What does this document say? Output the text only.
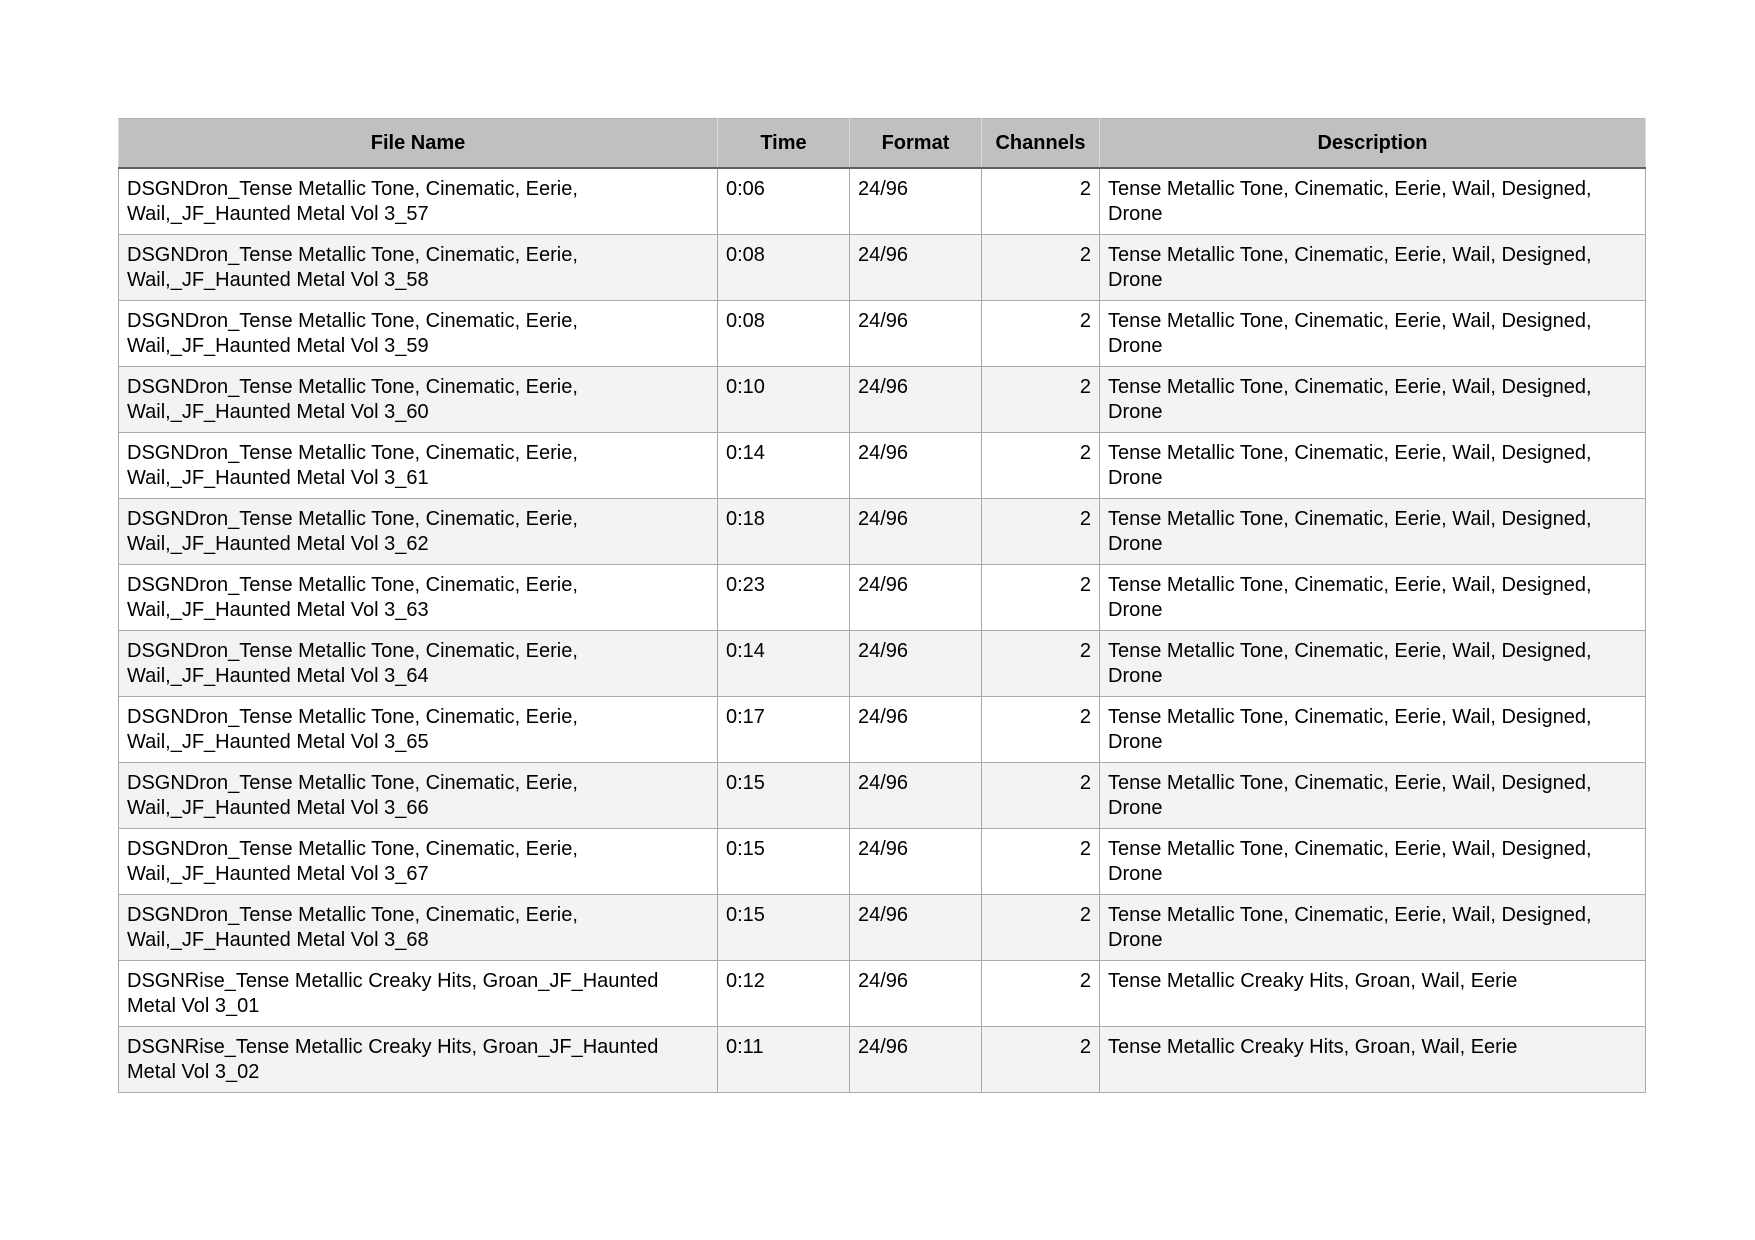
File Name	Time	Format	Channels	Description
DSGNDron_Tense Metallic Tone, Cinematic, Eerie, Wail,_JF_Haunted Metal Vol 3_57	0:06	24/96	2	Tense Metallic Tone, Cinematic, Eerie, Wail, Designed, Drone
DSGNDron_Tense Metallic Tone, Cinematic, Eerie, Wail,_JF_Haunted Metal Vol 3_58	0:08	24/96	2	Tense Metallic Tone, Cinematic, Eerie, Wail, Designed, Drone
DSGNDron_Tense Metallic Tone, Cinematic, Eerie, Wail,_JF_Haunted Metal Vol 3_59	0:08	24/96	2	Tense Metallic Tone, Cinematic, Eerie, Wail, Designed, Drone
DSGNDron_Tense Metallic Tone, Cinematic, Eerie, Wail,_JF_Haunted Metal Vol 3_60	0:10	24/96	2	Tense Metallic Tone, Cinematic, Eerie, Wail, Designed, Drone
DSGNDron_Tense Metallic Tone, Cinematic, Eerie, Wail,_JF_Haunted Metal Vol 3_61	0:14	24/96	2	Tense Metallic Tone, Cinematic, Eerie, Wail, Designed, Drone
DSGNDron_Tense Metallic Tone, Cinematic, Eerie, Wail,_JF_Haunted Metal Vol 3_62	0:18	24/96	2	Tense Metallic Tone, Cinematic, Eerie, Wail, Designed, Drone
DSGNDron_Tense Metallic Tone, Cinematic, Eerie, Wail,_JF_Haunted Metal Vol 3_63	0:23	24/96	2	Tense Metallic Tone, Cinematic, Eerie, Wail, Designed, Drone
DSGNDron_Tense Metallic Tone, Cinematic, Eerie, Wail,_JF_Haunted Metal Vol 3_64	0:14	24/96	2	Tense Metallic Tone, Cinematic, Eerie, Wail, Designed, Drone
DSGNDron_Tense Metallic Tone, Cinematic, Eerie, Wail,_JF_Haunted Metal Vol 3_65	0:17	24/96	2	Tense Metallic Tone, Cinematic, Eerie, Wail, Designed, Drone
DSGNDron_Tense Metallic Tone, Cinematic, Eerie, Wail,_JF_Haunted Metal Vol 3_66	0:15	24/96	2	Tense Metallic Tone, Cinematic, Eerie, Wail, Designed, Drone
DSGNDron_Tense Metallic Tone, Cinematic, Eerie, Wail,_JF_Haunted Metal Vol 3_67	0:15	24/96	2	Tense Metallic Tone, Cinematic, Eerie, Wail, Designed, Drone
DSGNDron_Tense Metallic Tone, Cinematic, Eerie, Wail,_JF_Haunted Metal Vol 3_68	0:15	24/96	2	Tense Metallic Tone, Cinematic, Eerie, Wail, Designed, Drone
DSGNRise_Tense Metallic Creaky Hits, Groan_JF_Haunted Metal Vol 3_01	0:12	24/96	2	Tense Metallic Creaky Hits, Groan, Wail, Eerie
DSGNRise_Tense Metallic Creaky Hits, Groan_JF_Haunted Metal Vol 3_02	0:11	24/96	2	Tense Metallic Creaky Hits, Groan, Wail, Eerie
